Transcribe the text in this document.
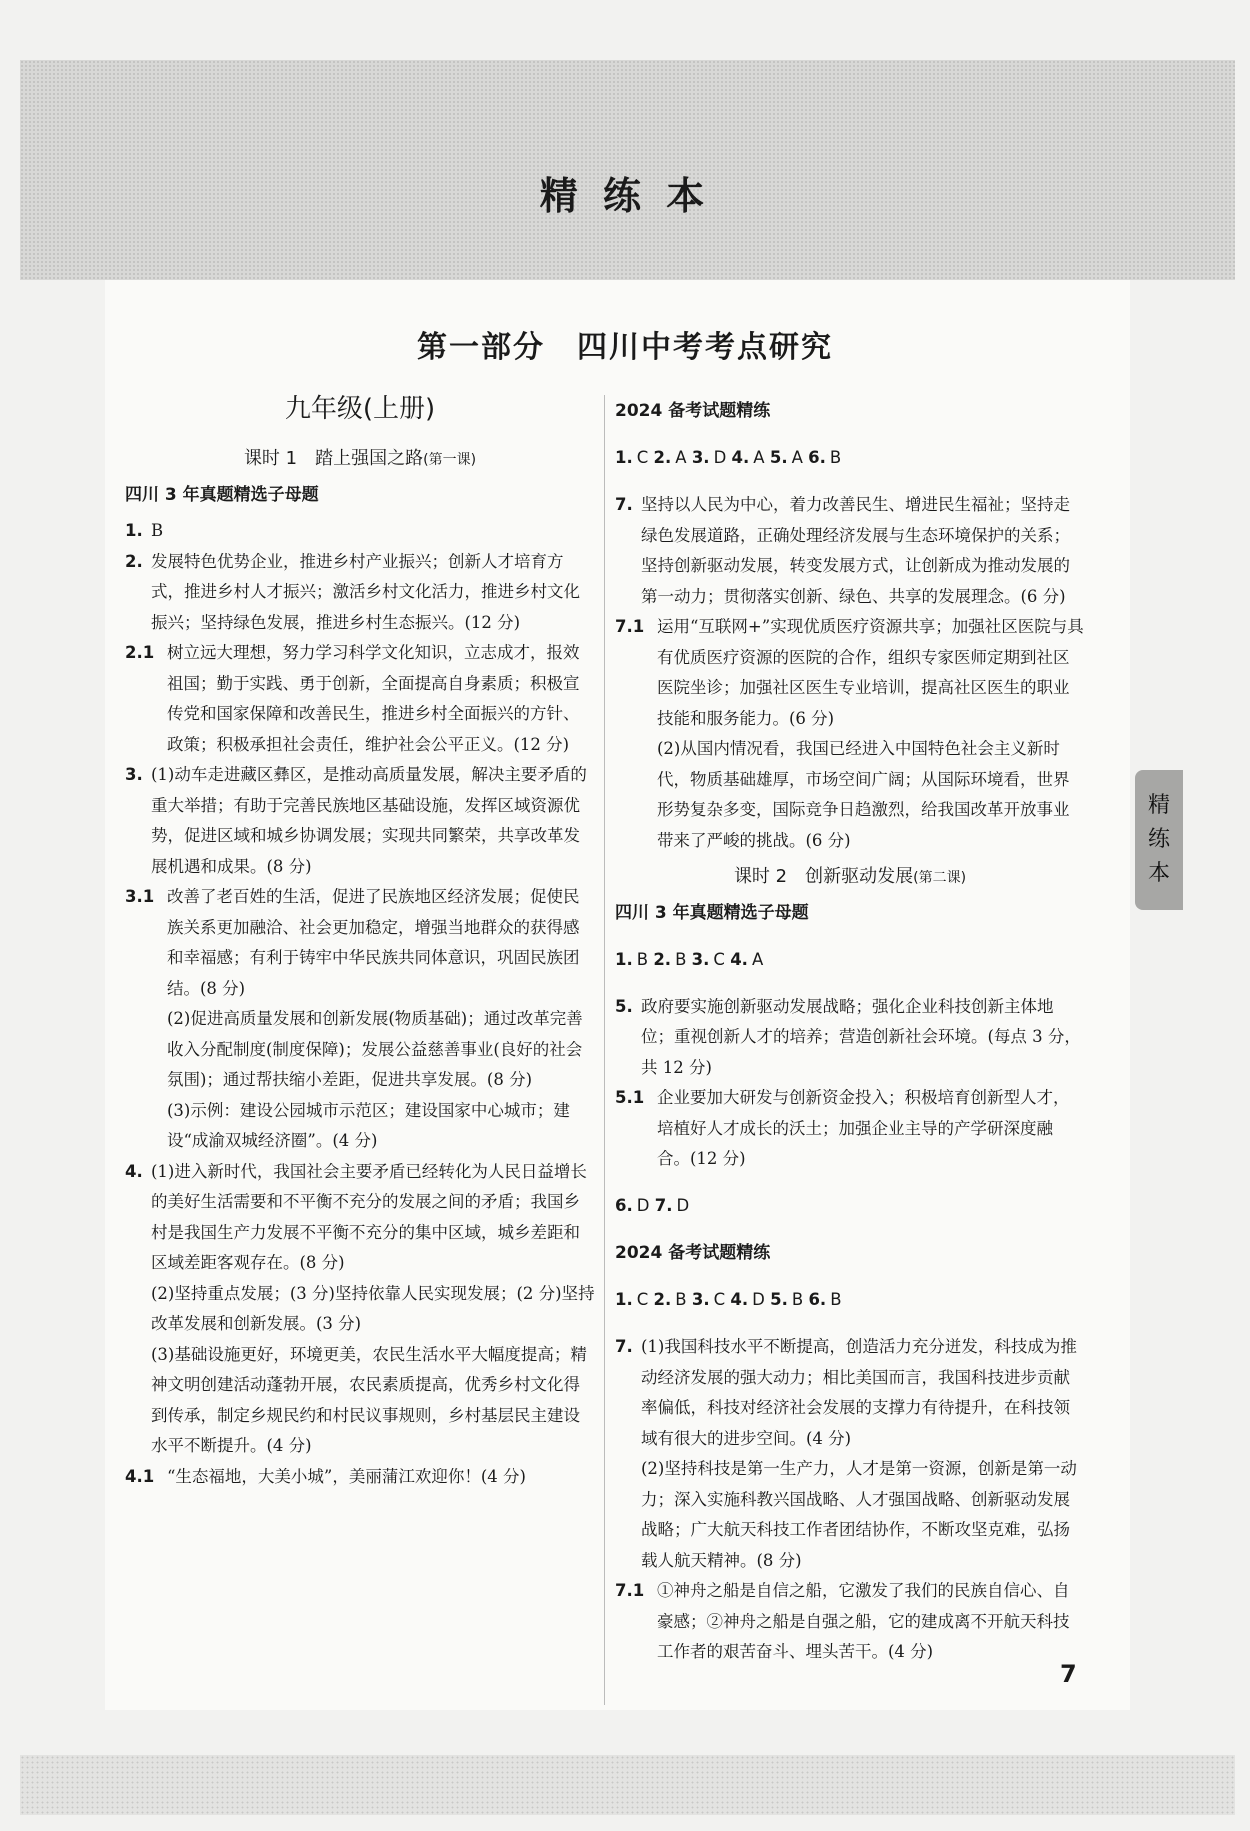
精 练 本
第一部分　四川中考考点研究
九年级(上册)
课时 1　踏上强国之路(第一课)
四川 3 年真题精选子母题

1. B

2. 发展特色优势企业，推进乡村产业振兴；创新人才培育方式，推进乡村人才振兴；激活乡村文化活力，推进乡村文化振兴；坚持绿色发展，推进乡村生态振兴。(12 分)

2.1 树立远大理想，努力学习科学文化知识，立志成才，报效祖国；勤于实践、勇于创新，全面提高自身素质；积极宣传党和国家保障和改善民生，推进乡村全面振兴的方针、政策；积极承担社会责任，维护社会公平正义。(12 分)

3. (1)动车走进藏区彝区，是推动高质量发展，解决主要矛盾的重大举措；有助于完善民族地区基础设施，发挥区域资源优势，促进区域和城乡协调发展；实现共同繁荣，共享改革发展机遇和成果。(8 分)

3.1 改善了老百姓的生活，促进了民族地区经济发展；促使民族关系更加融洽、社会更加稳定，增强当地群众的获得感和幸福感；有利于铸牢中华民族共同体意识，巩固民族团结。(8 分)

(2)促进高质量发展和创新发展(物质基础)；通过改革完善收入分配制度(制度保障)；发展公益慈善事业(良好的社会氛围)；通过帮扶缩小差距，促进共享发展。(8 分)

(3)示例：建设公园城市示范区；建设国家中心城市；建设“成渝双城经济圈”。(4 分)

4. (1)进入新时代，我国社会主要矛盾已经转化为人民日益增长的美好生活需要和不平衡不充分的发展之间的矛盾；我国乡村是我国生产力发展不平衡不充分的集中区域，城乡差距和区域差距客观存在。(8 分)

(2)坚持重点发展；(3 分)坚持依靠人民实现发展；(2 分)坚持改革发展和创新发展。(3 分)

(3)基础设施更好，环境更美，农民生活水平大幅度提高；精神文明创建活动蓬勃开展，农民素质提高，优秀乡村文化得到传承，制定乡规民约和村民议事规则，乡村基层民主建设水平不断提升。(4 分)

4.1 “生态福地，大美小城”，美丽蒲江欢迎你！(4 分)

2024 备考试题精练

1. C 2. A 3. D 4. A 5. A 6. B

7. 坚持以人民为中心，着力改善民生、增进民生福祉；坚持走绿色发展道路，正确处理经济发展与生态环境保护的关系；坚持创新驱动发展，转变发展方式，让创新成为推动发展的第一动力；贯彻落实创新、绿色、共享的发展理念。(6 分)

7.1 运用“互联网+”实现优质医疗资源共享；加强社区医院与具有优质医疗资源的医院的合作，组织专家医师定期到社区医院坐诊；加强社区医生专业培训，提高社区医生的职业技能和服务能力。(6 分)

(2)从国内情况看，我国已经进入中国特色社会主义新时代，物质基础雄厚，市场空间广阔；从国际环境看，世界形势复杂多变，国际竞争日趋激烈，给我国改革开放事业带来了严峻的挑战。(6 分)

课时 2　创新驱动发展(第二课)
四川 3 年真题精选子母题

1. B 2. B 3. C 4. A

5. 政府要实施创新驱动发展战略；强化企业科技创新主体地位；重视创新人才的培养；营造创新社会环境。(每点 3 分，共 12 分)

5.1 企业要加大研发与创新资金投入；积极培育创新型人才，培植好人才成长的沃土；加强企业主导的产学研深度融合。(12 分)

6. D 7. D

2024 备考试题精练

1. C 2. B 3. C 4. D 5. B 6. B

7. (1)我国科技水平不断提高，创造活力充分迸发，科技成为推动经济发展的强大动力；相比美国而言，我国科技进步贡献率偏低，科技对经济社会发展的支撑力有待提升，在科技领域有很大的进步空间。(4 分)

(2)坚持科技是第一生产力，人才是第一资源，创新是第一动力；深入实施科教兴国战略、人才强国战略、创新驱动发展战略；广大航天科技工作者团结协作，不断攻坚克难，弘扬载人航天精神。(8 分)

7.1 ①神舟之船是自信之船，它激发了我们的民族自信心、自豪感；②神舟之船是自强之船，它的建成离不开航天科技工作者的艰苦奋斗、埋头苦干。(4 分)

精
练
本
7
